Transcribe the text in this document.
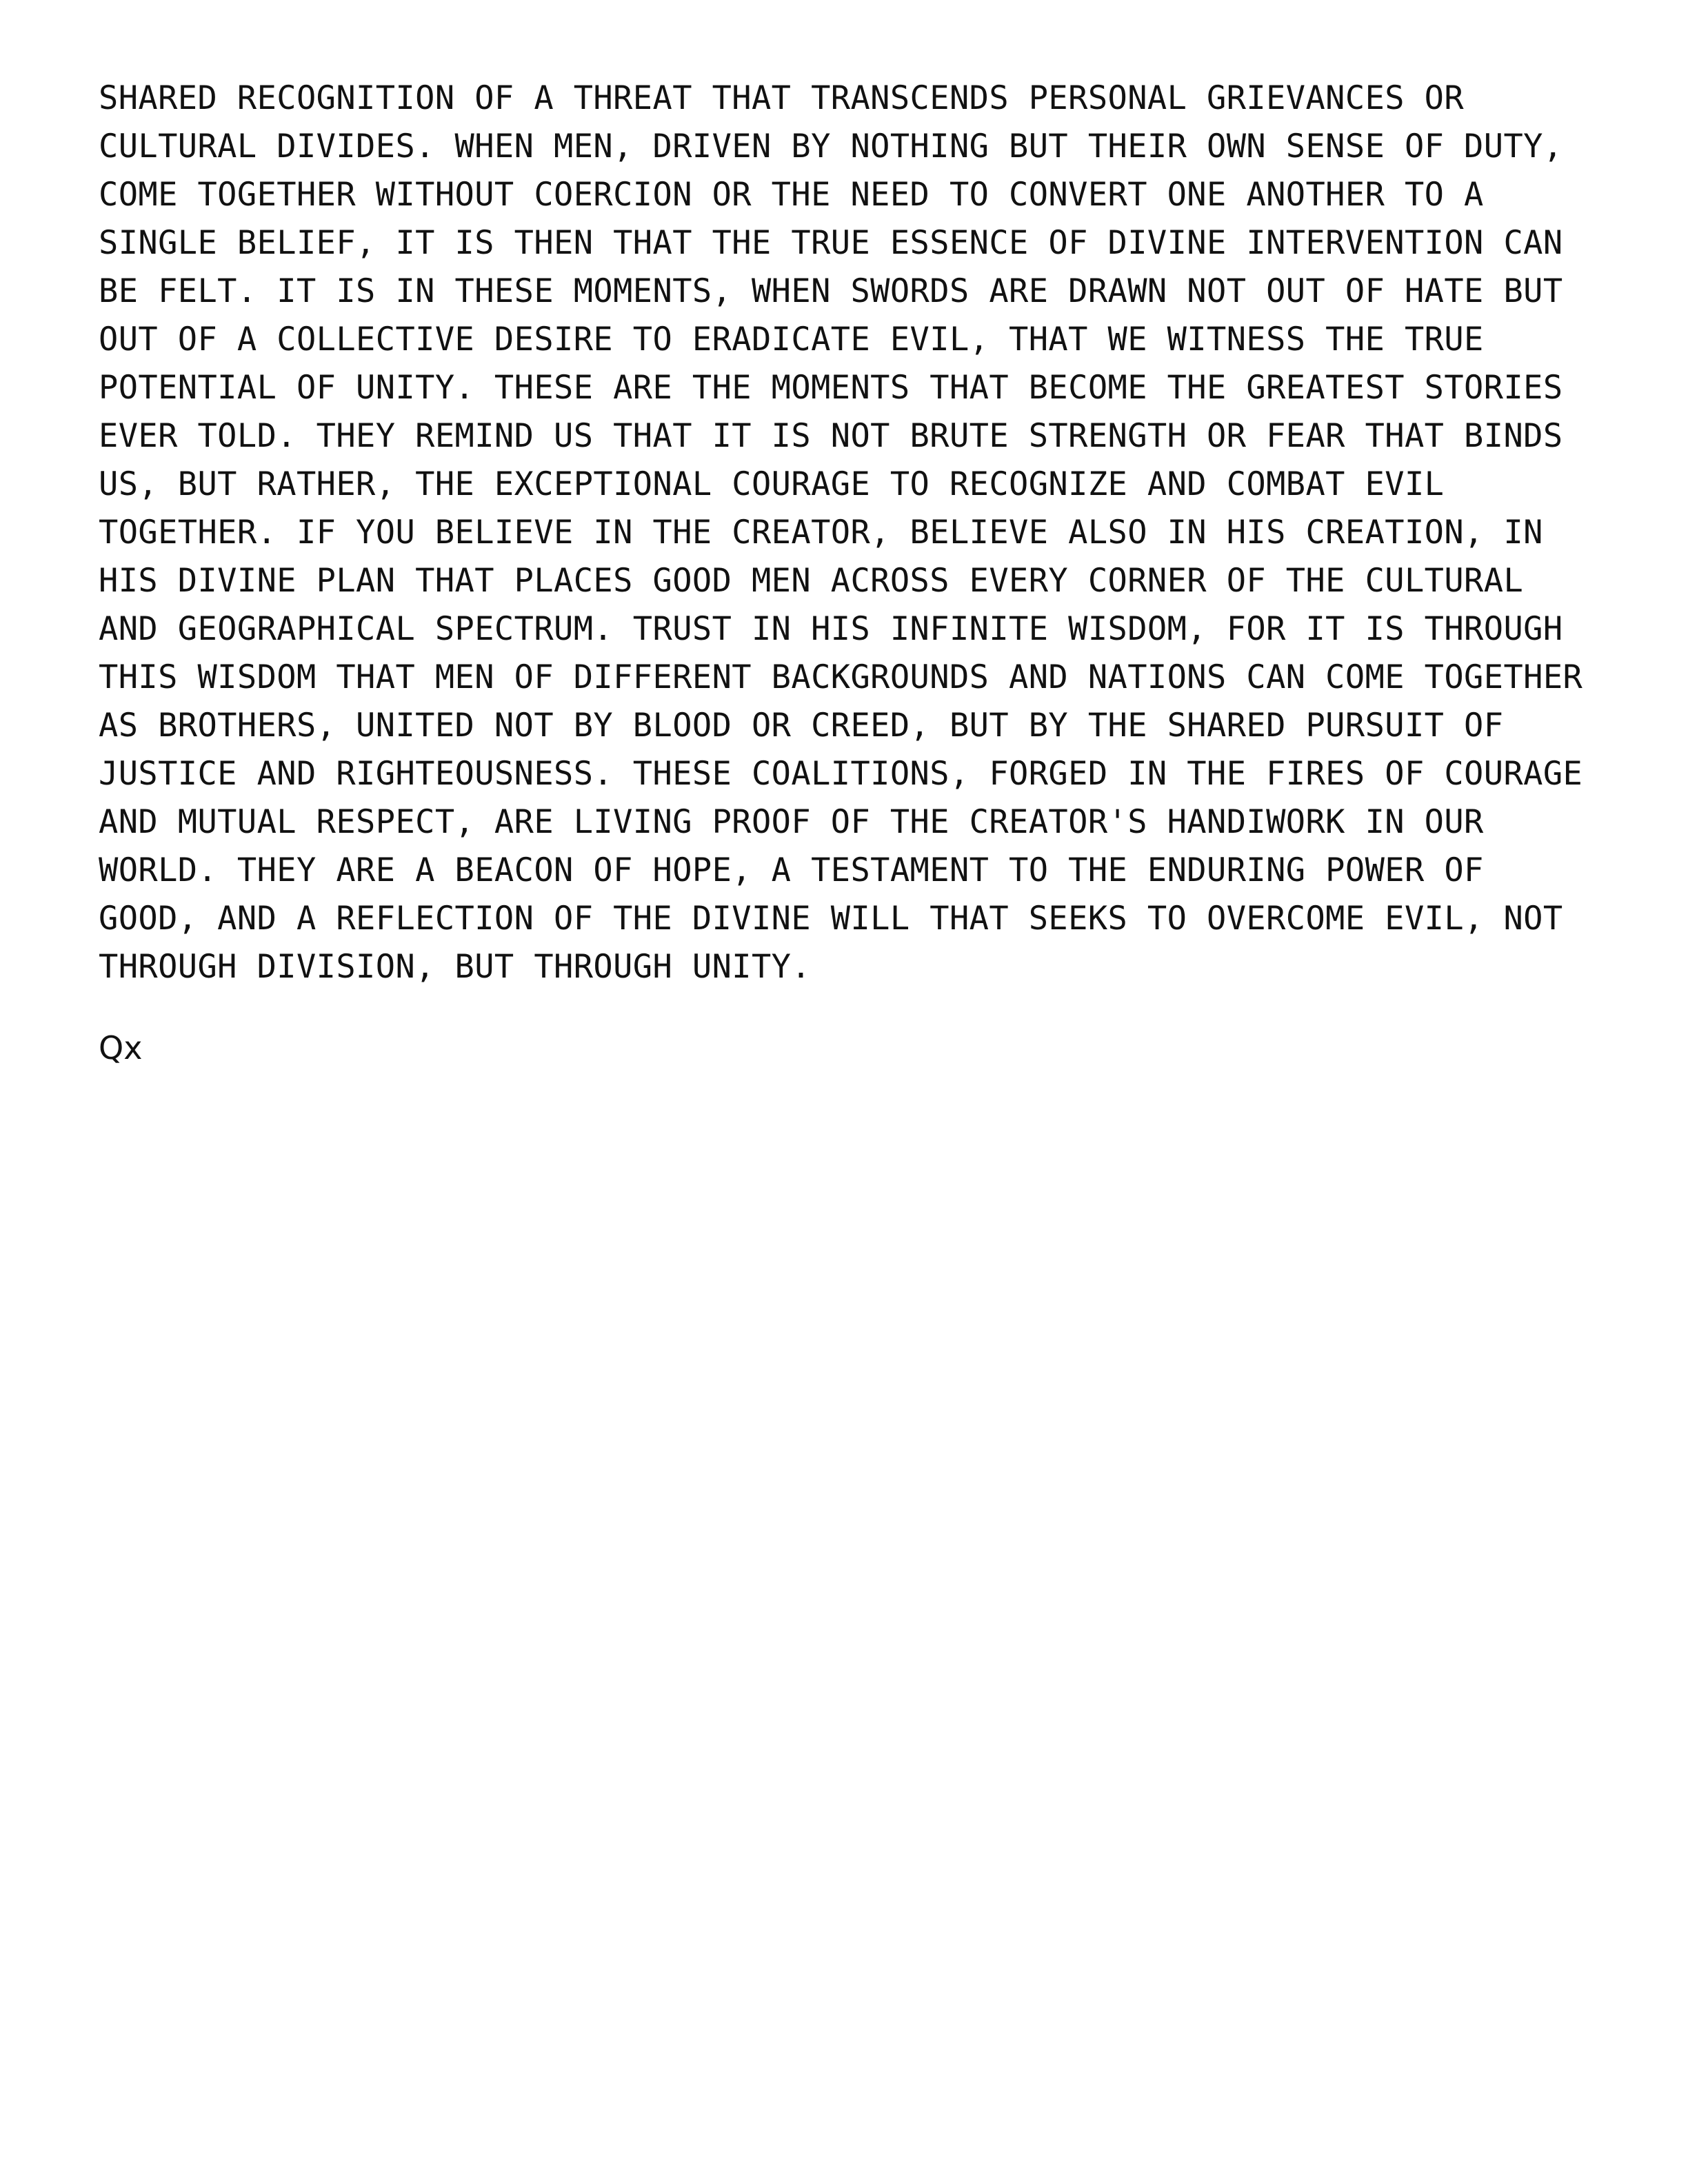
SHARED RECOGNITION OF A THREAT THAT TRANSCENDS PERSONAL GRIEVANCES OR
CULTURAL DIVIDES. WHEN MEN, DRIVEN BY NOTHING BUT THEIR OWN SENSE OF DUTY,
COME TOGETHER WITHOUT COERCION OR THE NEED TO CONVERT ONE ANOTHER TO A
SINGLE BELIEF, IT IS THEN THAT THE TRUE ESSENCE OF DIVINE INTERVENTION CAN
BE FELT. IT IS IN THESE MOMENTS, WHEN SWORDS ARE DRAWN NOT OUT OF HATE BUT
OUT OF A COLLECTIVE DESIRE TO ERADICATE EVIL, THAT WE WITNESS THE TRUE
POTENTIAL OF UNITY. THESE ARE THE MOMENTS THAT BECOME THE GREATEST STORIES
EVER TOLD. THEY REMIND US THAT IT IS NOT BRUTE STRENGTH OR FEAR THAT BINDS
US, BUT RATHER, THE EXCEPTIONAL COURAGE TO RECOGNIZE AND COMBAT EVIL
TOGETHER. IF YOU BELIEVE IN THE CREATOR, BELIEVE ALSO IN HIS CREATION, IN
HIS DIVINE PLAN THAT PLACES GOOD MEN ACROSS EVERY CORNER OF THE CULTURAL
AND GEOGRAPHICAL SPECTRUM. TRUST IN HIS INFINITE WISDOM, FOR IT IS THROUGH
THIS WISDOM THAT MEN OF DIFFERENT BACKGROUNDS AND NATIONS CAN COME TOGETHER
AS BROTHERS, UNITED NOT BY BLOOD OR CREED, BUT BY THE SHARED PURSUIT OF
JUSTICE AND RIGHTEOUSNESS. THESE COALITIONS, FORGED IN THE FIRES OF COURAGE
AND MUTUAL RESPECT, ARE LIVING PROOF OF THE CREATOR'S HANDIWORK IN OUR
WORLD. THEY ARE A BEACON OF HOPE, A TESTAMENT TO THE ENDURING POWER OF
GOOD, AND A REFLECTION OF THE DIVINE WILL THAT SEEKS TO OVERCOME EVIL, NOT
THROUGH DIVISION, BUT THROUGH UNITY.
Qx
